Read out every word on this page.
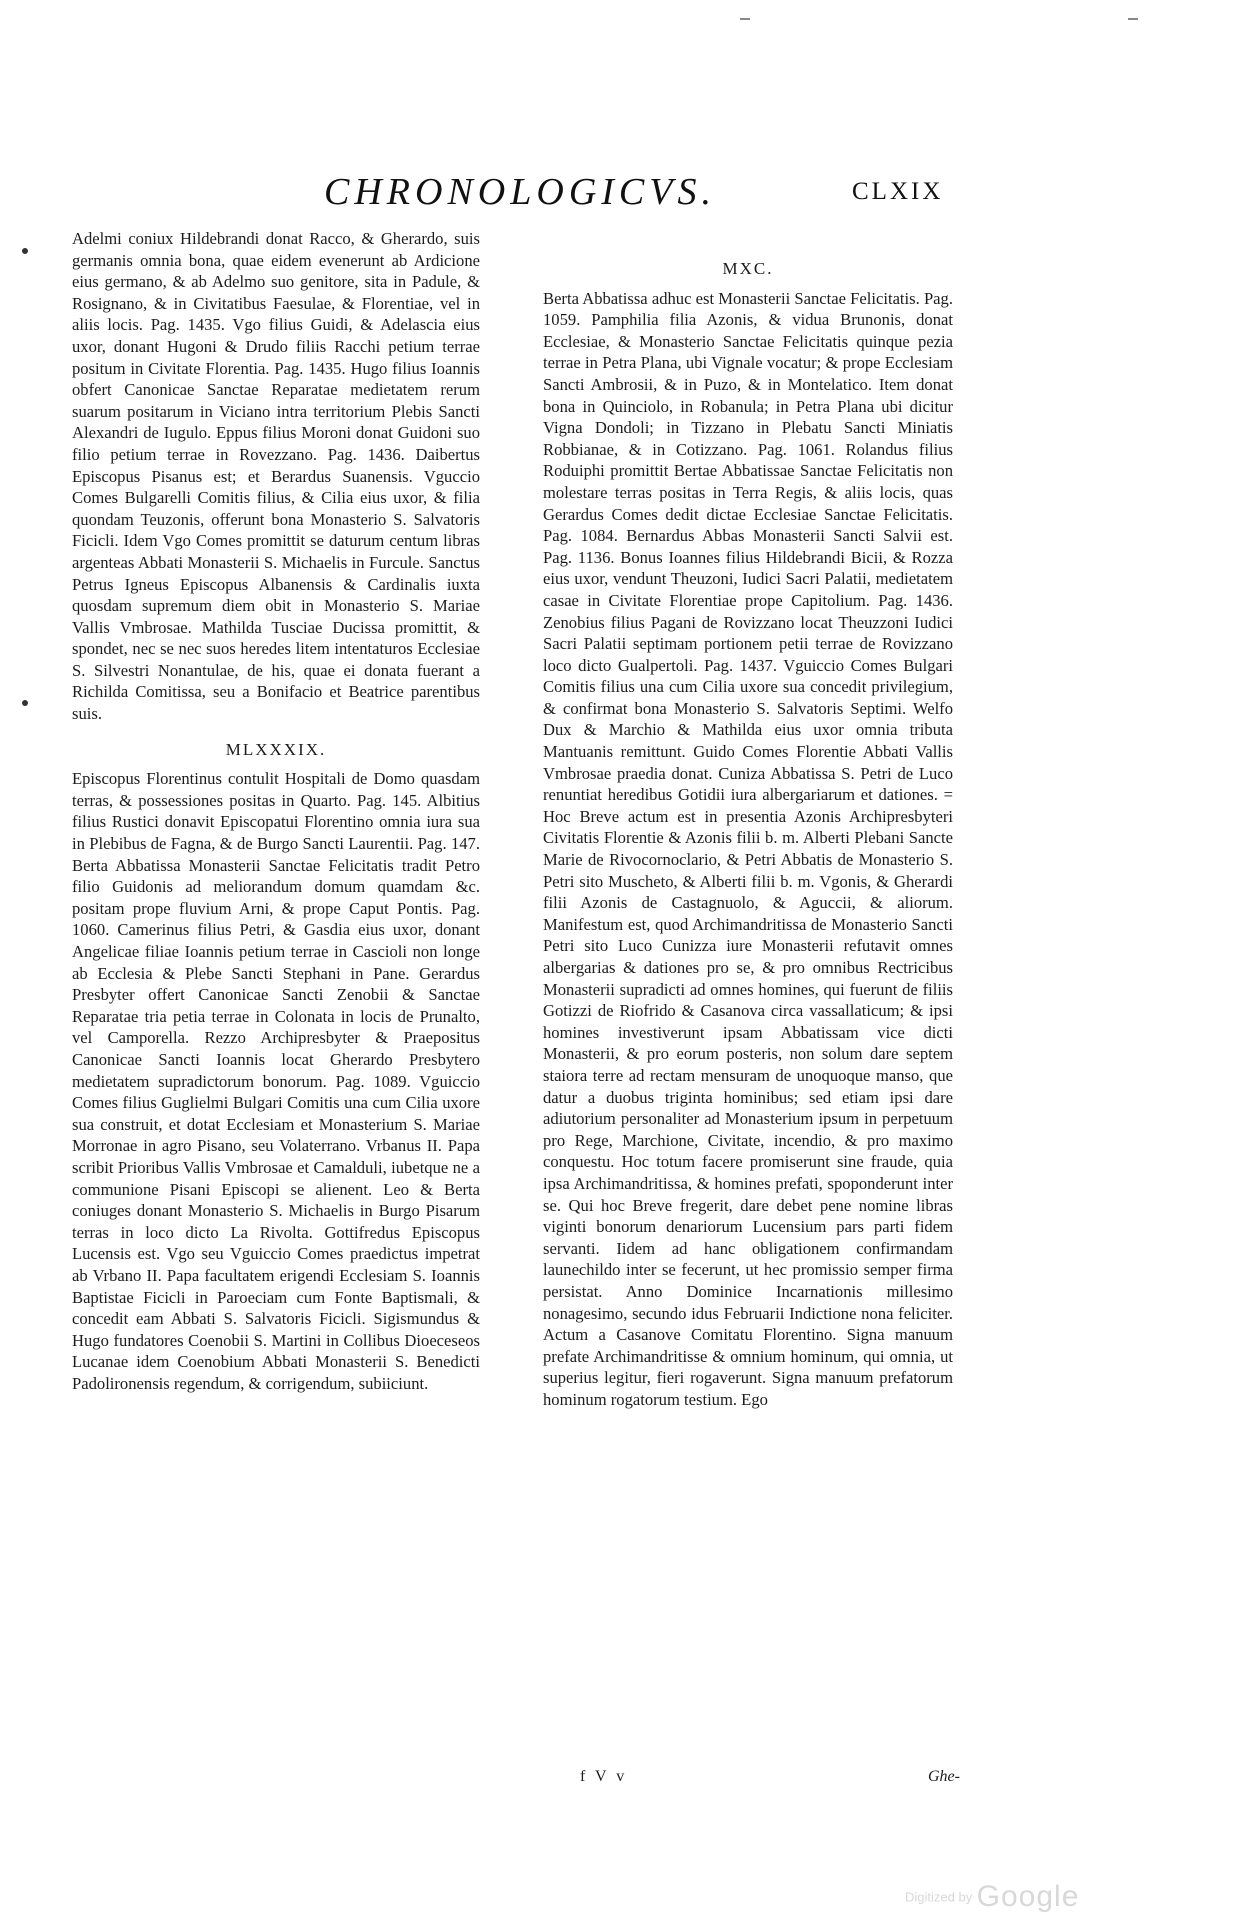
CHRONOLOGICVS.	CLXIX

Adelmi coniux Hildebrandi donat Racco, & Gherardo, suis germanis omnia bona, quae eidem evenerunt ab Ardicione eius germano, & ab Adelmo suo genitore, sita in Padule, & Rosignano, & in Civitatibus Faesulae, & Florentiae, vel in aliis locis. Pag. 1435. Vgo filius Guidi, & Adelascia eius uxor, donant Hugoni & Drudo filiis Racchi petium terrae positum in Civitate Florentia. Pag. 1435. Hugo filius Ioannis obfert Canonicae Sanctae Reparatae medietatem rerum suarum positarum in Viciano intra territorium Plebis Sancti Alexandri de Iugulo. Eppus filius Moroni donat Guidoni suo filio petium terrae in Rovezzano. Pag. 1436. Daibertus Episcopus Pisanus est; et Berardus Suanensis. Vguccio Comes Bulgarelli Comitis filius, & Cilia eius uxor, & filia quondam Teuzonis, offerunt bona Monasterio S. Salvatoris Ficicli. Idem Vgo Comes promittit se daturum centum libras argenteas Abbati Monasterii S. Michaelis in Furcule. Sanctus Petrus Igneus Episcopus Albanensis & Cardinalis iuxta quosdam supremum diem obit in Monasterio S. Mariae Vallis Vmbrosae. Mathilda Tusciae Ducissa promittit, & spondet, nec se nec suos heredes litem intentaturos Ecclesiae S. Silvestri Nonantulae, de his, quae ei donata fuerant a Richilda Comitissa, seu a Bonifacio et Beatrice parentibus suis.

MLXXXIX.

Episcopus Florentinus contulit Hospitali de Domo quasdam terras, & possessiones positas in Quarto. Pag. 145. Albitius filius Rustici donavit Episcopatui Florentino omnia iura sua in Plebibus de Fagna, & de Burgo Sancti Laurentii. Pag. 147. Berta Abbatissa Monasterii Sanctae Felicitatis tradit Petro filio Guidonis ad meliorandum domum quamdam &c. positam prope fluvium Arni, & prope Caput Pontis. Pag. 1060. Camerinus filius Petri, & Gasdia eius uxor, donant Angelicae filiae Ioannis petium terrae in Cascioli non longe ab Ecclesia & Plebe Sancti Stephani in Pane. Gerardus Presbyter offert Canonicae Sancti Zenobii & Sanctae Reparatae tria petia terrae in Colonata in locis de Prunalto, vel Camporella. Rezzo Archipresbyter & Praepositus Canonicae Sancti Ioannis locat Gherardo Presbytero medietatem supradictorum bonorum. Pag. 1089. Vguiccio Comes filius Guglielmi Bulgari Comitis una cum Cilia uxore sua construit, et dotat Ecclesiam et Monasterium S. Mariae Morronae in agro Pisano, seu Volaterrano. Vrbanus II. Papa scribit Prioribus Vallis Vmbrosae et Camalduli, iubetque ne a communione Pisani Episcopi se alienent. Leo & Berta coniuges donant Monasterio S. Michaelis in Burgo Pisarum terras in loco dicto La Rivolta. Gottifredus Episcopus Lucensis est. Vgo seu Vguiccio Comes praedictus impetrat ab Vrbano II. Papa facultatem erigendi Ecclesiam S. Ioannis Baptistae Ficicli in Paroeciam cum Fonte Baptismali, & concedit eam Abbati S. Salvatoris Ficicli. Sigismundus & Hugo fundatores Coenobii S. Martini in Collibus Dioeceseos Lucanae idem Coenobium Abbati Monasterii S. Benedicti Padolironensis regendum, & corrigendum, subiiciunt.

MXC.

Berta Abbatissa adhuc est Monasterii Sanctae Felicitatis. Pag. 1059. Pamphilia filia Azonis, & vidua Brunonis, donat Ecclesiae, & Monasterio Sanctae Felicitatis quinque pezia terrae in Petra Plana, ubi Vignale vocatur; & prope Ecclesiam Sancti Ambrosii, & in Puzo, & in Montelatico. Item donat bona in Quinciolo, in Robanula; in Petra Plana ubi dicitur Vigna Dondoli; in Tizzano in Plebatu Sancti Miniatis Robbianae, & in Cotizzano. Pag. 1061. Rolandus filius Roduiphi promittit Bertae Abbatissae Sanctae Felicitatis non molestare terras positas in Terra Regis, & aliis locis, quas Gerardus Comes dedit dictae Ecclesiae Sanctae Felicitatis. Pag. 1084. Bernardus Abbas Monasterii Sancti Salvii est. Pag. 1136. Bonus Ioannes filius Hildebrandi Bicii, & Rozza eius uxor, vendunt Theuzoni, Iudici Sacri Palatii, medietatem casae in Civitate Florentiae prope Capitolium. Pag. 1436. Zenobius filius Pagani de Rovizzano locat Theuzzoni Iudici Sacri Palatii septimam portionem petii terrae de Rovizzano loco dicto Gualpertoli. Pag. 1437. Vguiccio Comes Bulgari Comitis filius una cum Cilia uxore sua concedit privilegium, & confirmat bona Monasterio S. Salvatoris Septimi. Welfo Dux & Marchio & Mathilda eius uxor omnia tributa Mantuanis remittunt. Guido Comes Florentie Abbati Vallis Vmbrosae praedia donat. Cuniza Abbatissa S. Petri de Luco renuntiat heredibus Gotidii iura albergariarum et dationes. = Hoc Breve actum est in presentia Azonis Archipresbyteri Civitatis Florentie & Azonis filii b. m. Alberti Plebani Sancte Marie de Rivocornoclario, & Petri Abbatis de Monasterio S. Petri sito Muscheto, & Alberti filii b. m. Vgonis, & Gherardi filii Azonis de Castagnuolo, & Aguccii, & aliorum. Manifestum est, quod Archimandritissa de Monasterio Sancti Petri sito Luco Cunizza iure Monasterii refutavit omnes albergarias & dationes pro se, & pro omnibus Rectricibus Monasterii supradicti ad omnes homines, qui fuerunt de filiis Gotizzi de Riofrido & Casanova circa vassallaticum; & ipsi homines investiverunt ipsam Abbatissam vice dicti Monasterii, & pro eorum posteris, non solum dare septem staiora terre ad rectam mensuram de unoquoque manso, que datur a duobus triginta hominibus; sed etiam ipsi dare adiutorium personaliter ad Monasterium ipsum in perpetuum pro Rege, Marchione, Civitate, incendio, & pro maximo conquestu. Hoc totum facere promiserunt sine fraude, quia ipsa Archimandritissa, & homines prefati, spoponderunt inter se. Qui hoc Breve fregerit, dare debet pene nomine libras viginti bonorum denariorum Lucensium pars parti fidem servanti. Iidem ad hanc obligationem confirmandam launechildo inter se fecerunt, ut hec promissio semper firma persistat. Anno Dominice Incarnationis millesimo nonagesimo, secundo idus Februarii Indictione nona feliciter. Actum a Casanove Comitatu Florentino. Signa manuum prefate Archimandritisse & omnium hominum, qui omnia, ut superius legitur, fieri rogaverunt. Signa manuum prefatorum hominum rogatorum testium. Ego

f V v	Ghe-
Digitized by Google
